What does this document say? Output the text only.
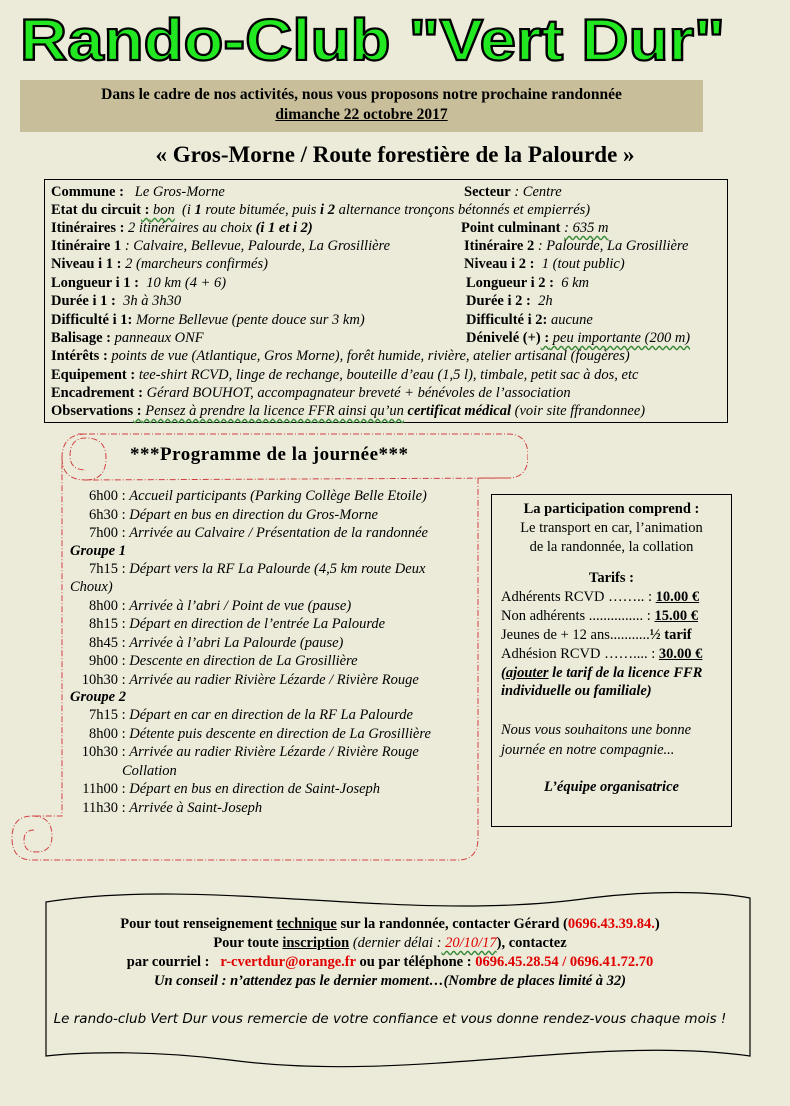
Rando-Club "Vert Dur"
Dans le cadre de nos activités, nous vous proposons notre prochaine randonnée
dimanche 22 octobre 2017
« Gros-Morne / Route forestière de la Palourde »
Commune : Le Gros-Morne	Secteur : Centre
Etat du circuit : bon (i 1 route bitumée, puis i 2 alternance tronçons bétonnés et empierrés)
Itinéraires : 2 itinéraires au choix (i 1 et i 2)	Point culminant : 635 m
Itinéraire 1 : Calvaire, Bellevue, Palourde, La Grosillière	Itinéraire 2 : Palourde, La Grosillière
Niveau i 1 : 2 (marcheurs confirmés)	Niveau i 2 : 1 (tout public)
Longueur i 1 : 10 km (4 + 6)	Longueur i 2 : 6 km
Durée i 1 : 3h à 3h30	Durée i 2 : 2h
Difficulté i 1: Morne Bellevue (pente douce sur 3 km)	Difficulté i 2: aucune
Balisage : panneaux ONF	Dénivelé (+) : peu importante (200 m)
Intérêts : points de vue (Atlantique, Gros Morne), forêt humide, rivière, atelier artisanal (fougères)
Equipement : tee-shirt RCVD, linge de rechange, bouteille d’eau (1,5 l), timbale, petit sac à dos, etc
Encadrement : Gérard BOUHOT, accompagnateur breveté + bénévoles de l’association
Observations : Pensez à prendre la licence FFR ainsi qu’un certificat médical (voir site ffrandonnee)
***Programme de la journée***
6h00 : Accueil participants (Parking Collège Belle Etoile)
6h30 : Départ en bus en direction du Gros-Morne
7h00 : Arrivée au Calvaire / Présentation de la randonnée
Groupe 1
7h15 : Départ vers la RF La Palourde (4,5 km route Deux
Choux)
8h00 : Arrivée à l’abri / Point de vue (pause)
8h15 : Départ en direction de l’entrée La Palourde
8h45 : Arrivée à l’abri La Palourde (pause)
9h00 : Descente en direction de La Grosillière
10h30 : Arrivée au radier Rivière Lézarde / Rivière Rouge
Groupe 2
7h15 : Départ en car en direction de la RF La Palourde
8h00 : Détente puis descente en direction de La Grosillière
10h30 : Arrivée au radier Rivière Lézarde / Rivière Rouge
Collation
11h00 : Départ en bus en direction de Saint-Joseph
11h30 : Arrivée à Saint-Joseph
La participation comprend :
Le transport en car, l’animation
de la randonnée, la collation
Tarifs :
Adhérents RCVD …….. : 10.00 €
Non adhérents ............... : 15.00 €
Jeunes de + 12 ans...........½ tarif
Adhésion RCVD …….... : 30.00 €
(ajouter le tarif de la licence FFR
individuelle ou familiale)
Nous vous souhaitons une bonne
journée en notre compagnie...
L’équipe organisatrice
Pour tout renseignement technique sur la randonnée, contacter Gérard (0696.43.39.84.)
Pour toute inscription (dernier délai : 20/10/17), contactez
par courriel : r-cvertdur@orange.fr ou par téléphone : 0696.45.28.54 / 0696.41.72.70
Un conseil : n’attendez pas le dernier moment…(Nombre de places limité à 32)
Le rando-club Vert Dur vous remercie de votre confiance et vous donne rendez-vous chaque mois !
